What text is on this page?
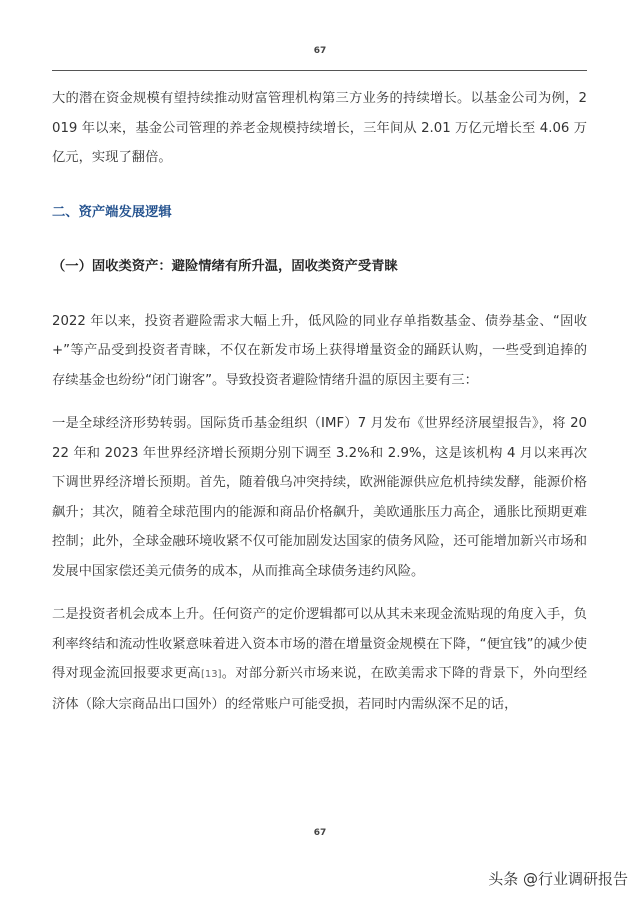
67

大的潜在资金规模有望持续推动财富管理机构第三方业务的持续增长。以基金公司为例，2019 年以来，基金公司管理的养老金规模持续增长，三年间从 2.01 万亿元增长至 4.06 万亿元，实现了翻倍。

二、资产端发展逻辑

（一）固收类资产：避险情绪有所升温，固收类资产受青睐

2022 年以来，投资者避险需求大幅上升，低风险的同业存单指数基金、债券基金、“固收+”等产品受到投资者青睐，不仅在新发市场上获得增量资金的踊跃认购，一些受到追捧的存续基金也纷纷“闭门谢客”。导致投资者避险情绪升温的原因主要有三：

一是全球经济形势转弱。国际货币基金组织（IMF）7 月发布《世界经济展望报告》，将 2022 年和 2023 年世界经济增长预期分别下调至 3.2%和 2.9%，这是该机构 4 月以来再次下调世界经济增长预期。首先，随着俄乌冲突持续，欧洲能源供应危机持续发酵，能源价格飙升；其次，随着全球范围内的能源和商品价格飙升，美欧通胀压力高企，通胀比预期更难控制；此外，全球金融环境收紧不仅可能加剧发达国家的债务风险，还可能增加新兴市场和发展中国家偿还美元债务的成本，从而推高全球债务违约风险。

二是投资者机会成本上升。任何资产的定价逻辑都可以从其未来现金流贴现的角度入手，负利率终结和流动性收紧意味着进入资本市场的潜在增量资金规模在下降，“便宜钱”的减少使得对现金流回报要求更高[13]。对部分新兴市场来说，在欧美需求下降的背景下，外向型经济体（除大宗商品出口国外）的经常账户可能受损，若同时内需纵深不足的话，

67
头条 @行业调研报告
